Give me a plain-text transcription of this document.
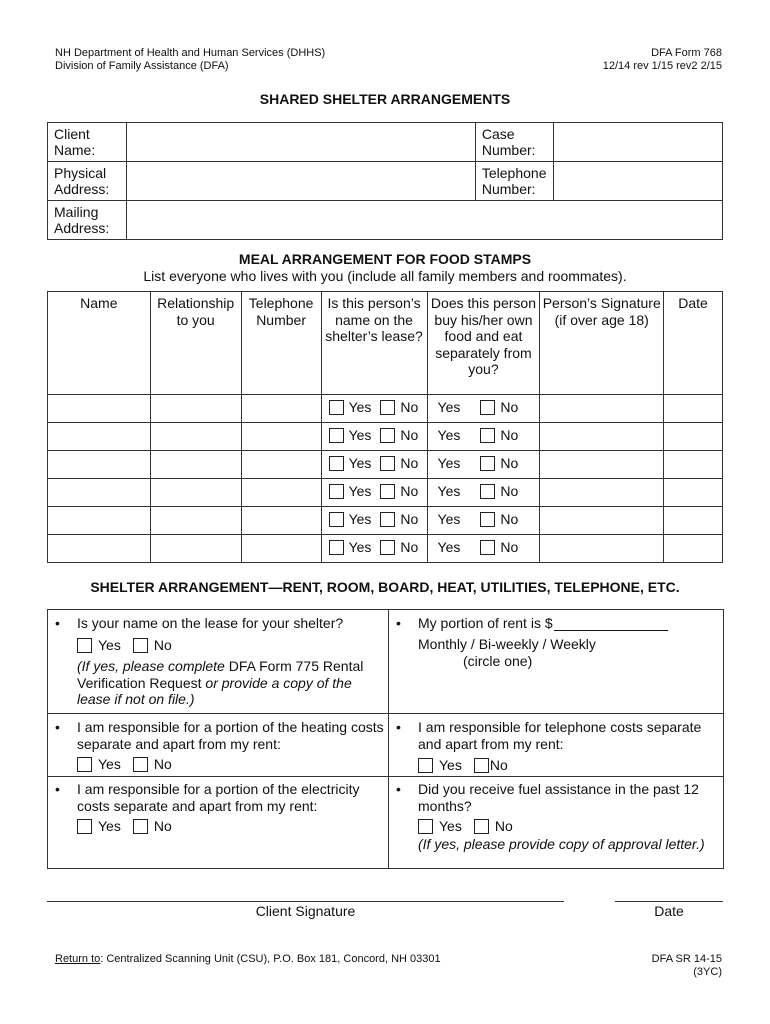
NH Department of Health and Human Services (DHHS)
Division of Family Assistance (DFA)
DFA Form 768
12/14 rev 1/15 rev2 2/15
SHARED SHELTER ARRANGEMENTS
Client Name:		Case Number:	
Physical Address:		Telephone Number:	
Mailing Address:			
MEAL ARRANGEMENT FOR FOOD STAMPS
List everyone who lives with you (include all family members and roommates).
Name	Relationship to you	Telephone Number	Is this person’s name on the shelter’s lease?	Does this person buy his/her own food and eat separately from you?	Person’s Signature (if over age 18)	Date
			Yes No	Yes No		
			Yes No	Yes No		
			Yes No	Yes No		
			Yes No	Yes No		
			Yes No	Yes No		
			Yes No	Yes No		
SHELTER ARRANGEMENT—RENT, ROOM, BOARD, HEAT, UTILITIES, TELEPHONE, ETC.
• Is your name on the lease for your shelter?
Yes No
(If yes, please complete DFA Form 775 Rental Verification Request or provide a copy of the lease if not on file.)
• My portion of rent is $
Monthly / Bi-weekly / Weekly
(circle one)
• I am responsible for a portion of the heating costs separate and apart from my rent:
Yes No
• I am responsible for telephone costs separate and apart from my rent:
Yes No
• I am responsible for a portion of the electricity costs separate and apart from my rent:
Yes No
• Did you receive fuel assistance in the past 12 months?
Yes No
(If yes, please provide copy of approval letter.)
Client Signature	Date
Return to: Centralized Scanning Unit (CSU), P.O. Box 181, Concord, NH 03301	DFA SR 14-15
(3YC)
